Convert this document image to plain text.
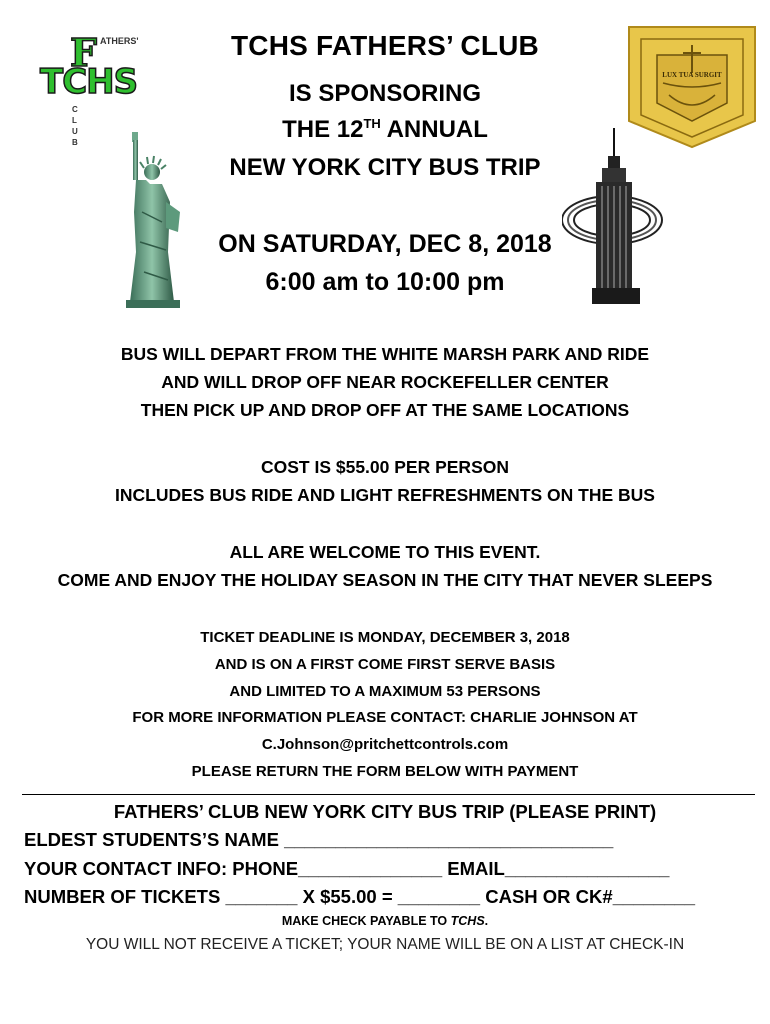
F ATHERS'
TCHS
CLUB
LUX TUA SURGIT
TCHS FATHERS’ CLUB
IS SPONSORING
THE 12TH ANNUAL
NEW YORK CITY BUS TRIP
ON SATURDAY, DEC 8, 2018
6:00 am to 10:00 pm
BUS WILL DEPART FROM THE WHITE MARSH PARK AND RIDE
AND WILL DROP OFF NEAR ROCKEFELLER CENTER
THEN PICK UP AND DROP OFF AT THE SAME LOCATIONS
COST IS $55.00 PER PERSON
INCLUDES BUS RIDE AND LIGHT REFRESHMENTS ON THE BUS
ALL ARE WELCOME TO THIS EVENT.
COME AND ENJOY THE HOLIDAY SEASON IN THE CITY THAT NEVER SLEEPS
TICKET DEADLINE IS MONDAY, DECEMBER 3, 2018
AND IS ON A FIRST COME FIRST SERVE BASIS
AND LIMITED TO A MAXIMUM 53 PERSONS
FOR MORE INFORMATION PLEASE CONTACT: CHARLIE JOHNSON AT
C.Johnson@pritchettcontrols.com
PLEASE RETURN THE FORM BELOW WITH PAYMENT
FATHERS’ CLUB NEW YORK CITY BUS TRIP (PLEASE PRINT)
ELDEST STUDENTS’S NAME ________________________________
YOUR CONTACT INFO: PHONE______________ EMAIL________________
NUMBER OF TICKETS _______ X $55.00 = ________ CASH OR CK#________
MAKE CHECK PAYABLE TO TCHS.
YOU WILL NOT RECEIVE A TICKET; YOUR NAME WILL BE ON A LIST AT CHECK-IN
